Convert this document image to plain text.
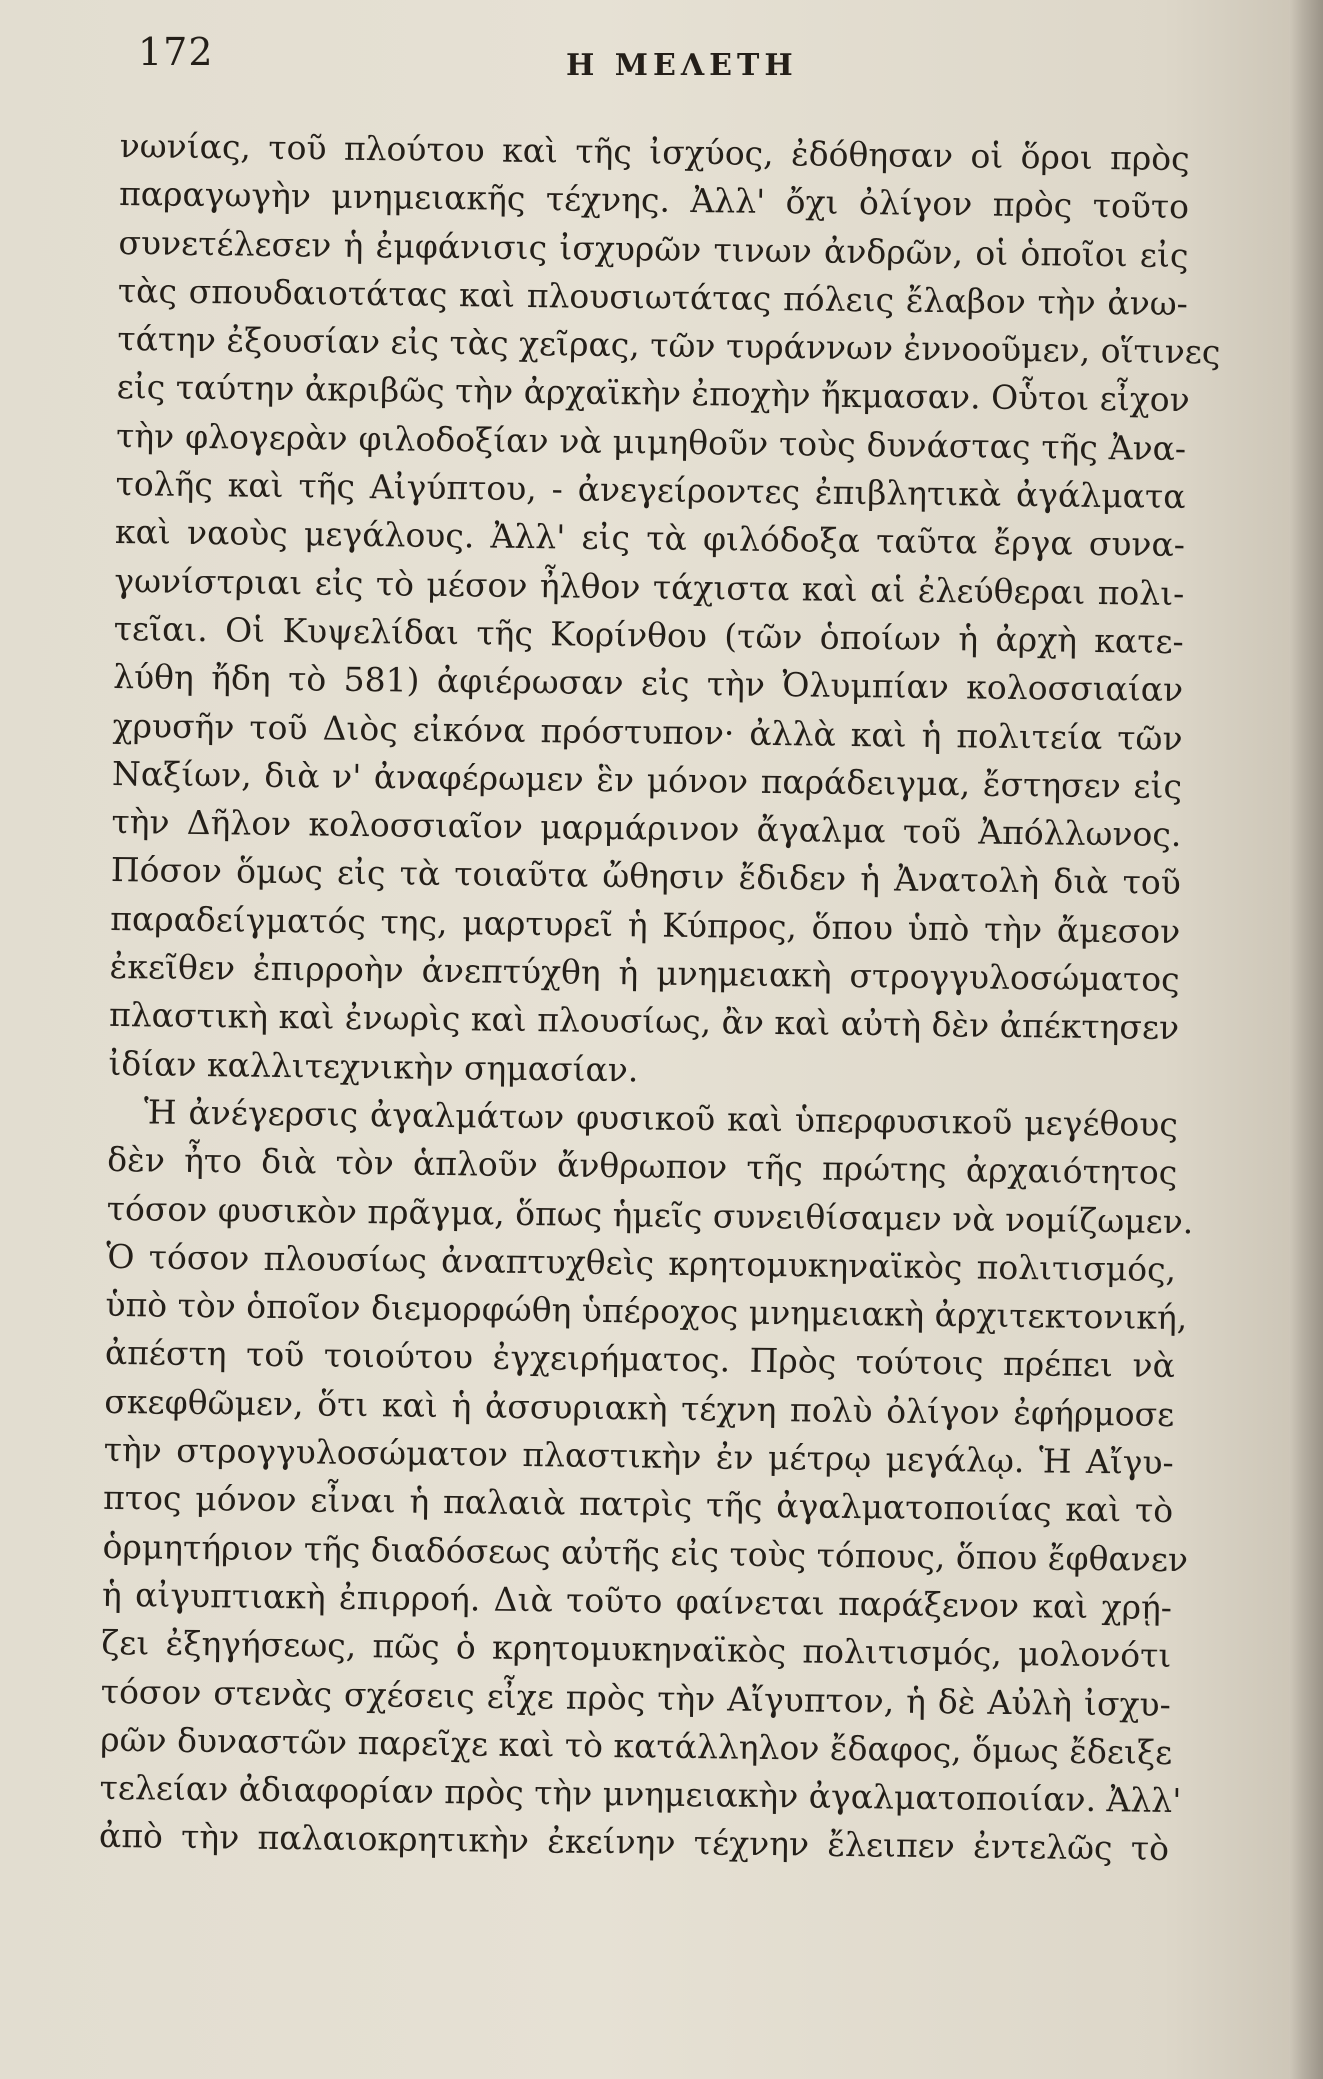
172	Η ΜΕΛΕΤΗ
νωνίας, τοῦ πλούτου καὶ τῆς ἰσχύος, ἐδόθησαν οἱ ὅροι πρὸς
παραγωγὴν μνημειακῆς τέχνης. Ἀλλ' ὄχι ὀλίγον πρὸς τοῦτο
συνετέλεσεν ἡ ἐμφάνισις ἰσχυρῶν τινων ἀνδρῶν, οἱ ὁποῖοι εἰς
τὰς σπουδαιοτάτας καὶ πλουσιωτάτας πόλεις ἔλαβον τὴν ἀνω-
τάτην ἐξουσίαν εἰς τὰς χεῖρας, τῶν τυράννων ἐννοοῦμεν, οἵτινες
εἰς ταύτην ἀκριβῶς τὴν ἀρχαϊκὴν ἐποχὴν ἤκμασαν. Οὗτοι εἶχον
τὴν φλογερὰν φιλοδοξίαν νὰ μιμηθοῦν τοὺς δυνάστας τῆς Ἀνα-
τολῆς καὶ τῆς Αἰγύπτου, - ἀνεγείροντες ἐπιβλητικὰ ἀγάλματα
καὶ ναοὺς μεγάλους. Ἀλλ' εἰς τὰ φιλόδοξα ταῦτα ἔργα συνα-
γωνίστριαι εἰς τὸ μέσον ἦλθον τάχιστα καὶ αἱ ἐλεύθεραι πολι-
τεῖαι. Οἱ Κυψελίδαι τῆς Κορίνθου (τῶν ὁποίων ἡ ἀρχὴ κατε-
λύθη ἤδη τὸ 581) ἀφιέρωσαν εἰς τὴν Ὀλυμπίαν κολοσσιαίαν
χρυσῆν τοῦ Διὸς εἰκόνα πρόστυπον· ἀλλὰ καὶ ἡ πολιτεία τῶν
Ναξίων, διὰ ν' ἀναφέρωμεν ἓν μόνον παράδειγμα, ἔστησεν εἰς
τὴν Δῆλον κολοσσιαῖον μαρμάρινον ἄγαλμα τοῦ Ἀπόλλωνος.
Πόσον ὅμως εἰς τὰ τοιαῦτα ὤθησιν ἔδιδεν ἡ Ἀνατολὴ διὰ τοῦ
παραδείγματός της, μαρτυρεῖ ἡ Κύπρος, ὅπου ὑπὸ τὴν ἄμεσον
ἐκεῖθεν ἐπιρροὴν ἀνεπτύχθη ἡ μνημειακὴ στρογγυλοσώματος
πλαστικὴ καὶ ἐνωρὶς καὶ πλουσίως, ἂν καὶ αὐτὴ δὲν ἀπέκτησεν
ἰδίαν καλλιτεχνικὴν σημασίαν.
Ἡ ἀνέγερσις ἀγαλμάτων φυσικοῦ καὶ ὑπερφυσικοῦ μεγέθους
δὲν ἦτο διὰ τὸν ἁπλοῦν ἄνθρωπον τῆς πρώτης ἀρχαιότητος
τόσον φυσικὸν πρᾶγμα, ὅπως ἡμεῖς συνειθίσαμεν νὰ νομίζωμεν.
Ὁ τόσον πλουσίως ἀναπτυχθεὶς κρητομυκηναϊκὸς πολιτισμός,
ὑπὸ τὸν ὁποῖον διεμορφώθη ὑπέροχος μνημειακὴ ἀρχιτεκτονική,
ἀπέστη τοῦ τοιούτου ἐγχειρήματος. Πρὸς τούτοις πρέπει νὰ
σκεφθῶμεν, ὅτι καὶ ἡ ἀσσυριακὴ τέχνη πολὺ ὀλίγον ἐφήρμοσε
τὴν στρογγυλοσώματον πλαστικὴν ἐν μέτρῳ μεγάλῳ. Ἡ Αἴγυ-
πτος μόνον εἶναι ἡ παλαιὰ πατρὶς τῆς ἀγαλματοποιίας καὶ τὸ
ὁρμητήριον τῆς διαδόσεως αὐτῆς εἰς τοὺς τόπους, ὅπου ἔφθανεν
ἡ αἰγυπτιακὴ ἐπιρροή. Διὰ τοῦτο φαίνεται παράξενον καὶ χρῄ-
ζει ἐξηγήσεως, πῶς ὁ κρητομυκηναϊκὸς πολιτισμός, μολονότι
τόσον στενὰς σχέσεις εἶχε πρὸς τὴν Αἴγυπτον, ἡ δὲ Αὐλὴ ἰσχυ-
ρῶν δυναστῶν παρεῖχε καὶ τὸ κατάλληλον ἔδαφος, ὅμως ἔδειξε
τελείαν ἀδιαφορίαν πρὸς τὴν μνημειακὴν ἀγαλματοποιίαν. Ἀλλ'
ἀπὸ τὴν παλαιοκρητικὴν ἐκείνην τέχνην ἔλειπεν ἐντελῶς τὸ
